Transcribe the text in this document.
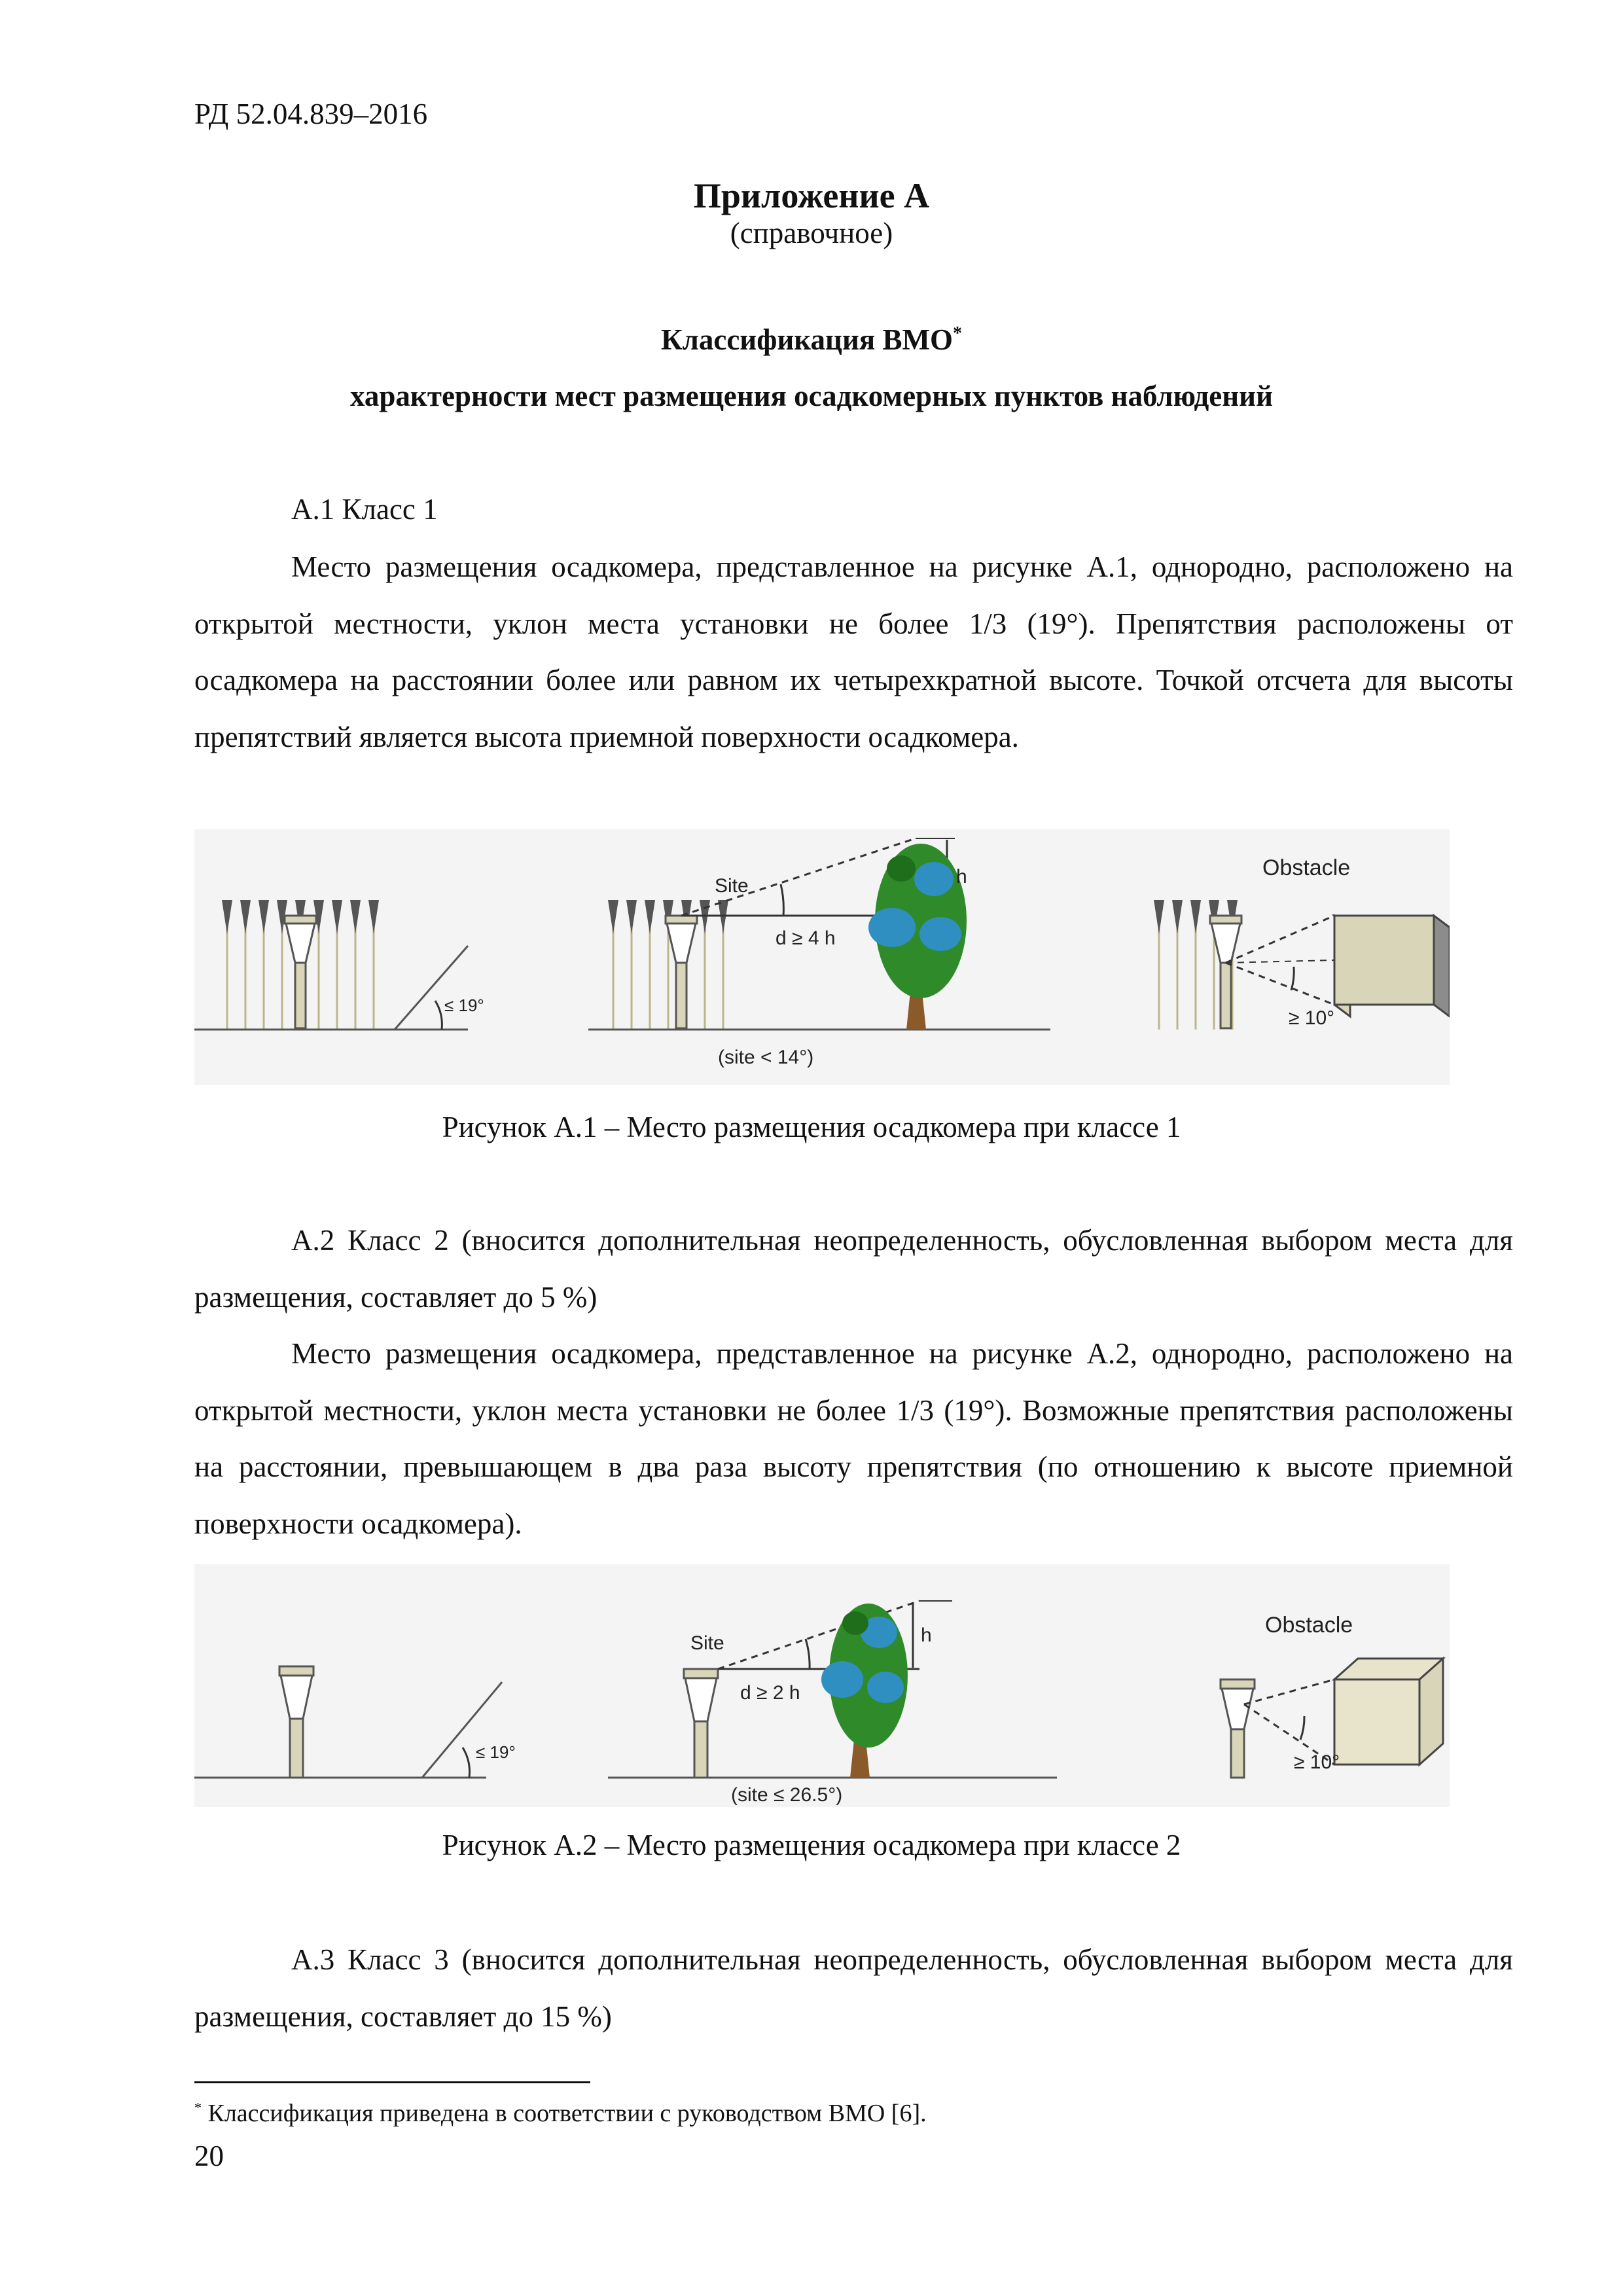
РД 52.04.839–2016
Приложение А
(справочное)
Классификация ВМО*
характерности мест размещения осадкомерных пунктов наблюдений
А.1 Класс 1

Место размещения осадкомера, представленное на рисунке А.1, однородно, расположено на открытой местности, уклон места установки не более 1/3 (19°). Препятствия расположены от осадкомера на расстоянии более или равном их четырехкратной высоте. Точкой отсчета для высоты препятствий является высота приемной поверхности осадкомера.

≤ 19°
Site	h
d ≥ 4 h
(site < 14°)
Obstacle
≥ 10°
Рисунок А.1 – Место размещения осадкомера при классе 1

А.2 Класс 2 (вносится дополнительная неопределенность, обусловленная выбором места для размещения, составляет до 5 %)

Место размещения осадкомера, представленное на рисунке А.2, однородно, расположено на открытой местности, уклон места установки не более 1/3 (19°). Возможные препятствия расположены на расстоянии, превышающем в два раза высоту препятствия (по отношению к высоте приемной поверхности осадкомера).

≤ 19°
Site	h
d ≥ 2 h
(site ≤ 26.5°)
Obstacle
≥ 10°
Рисунок А.2 – Место размещения осадкомера при классе 2

А.3 Класс 3 (вносится дополнительная неопределенность, обусловленная выбором места для размещения, составляет до 15 %)

* Классификация приведена в соответствии с руководством ВМО [6].
20
